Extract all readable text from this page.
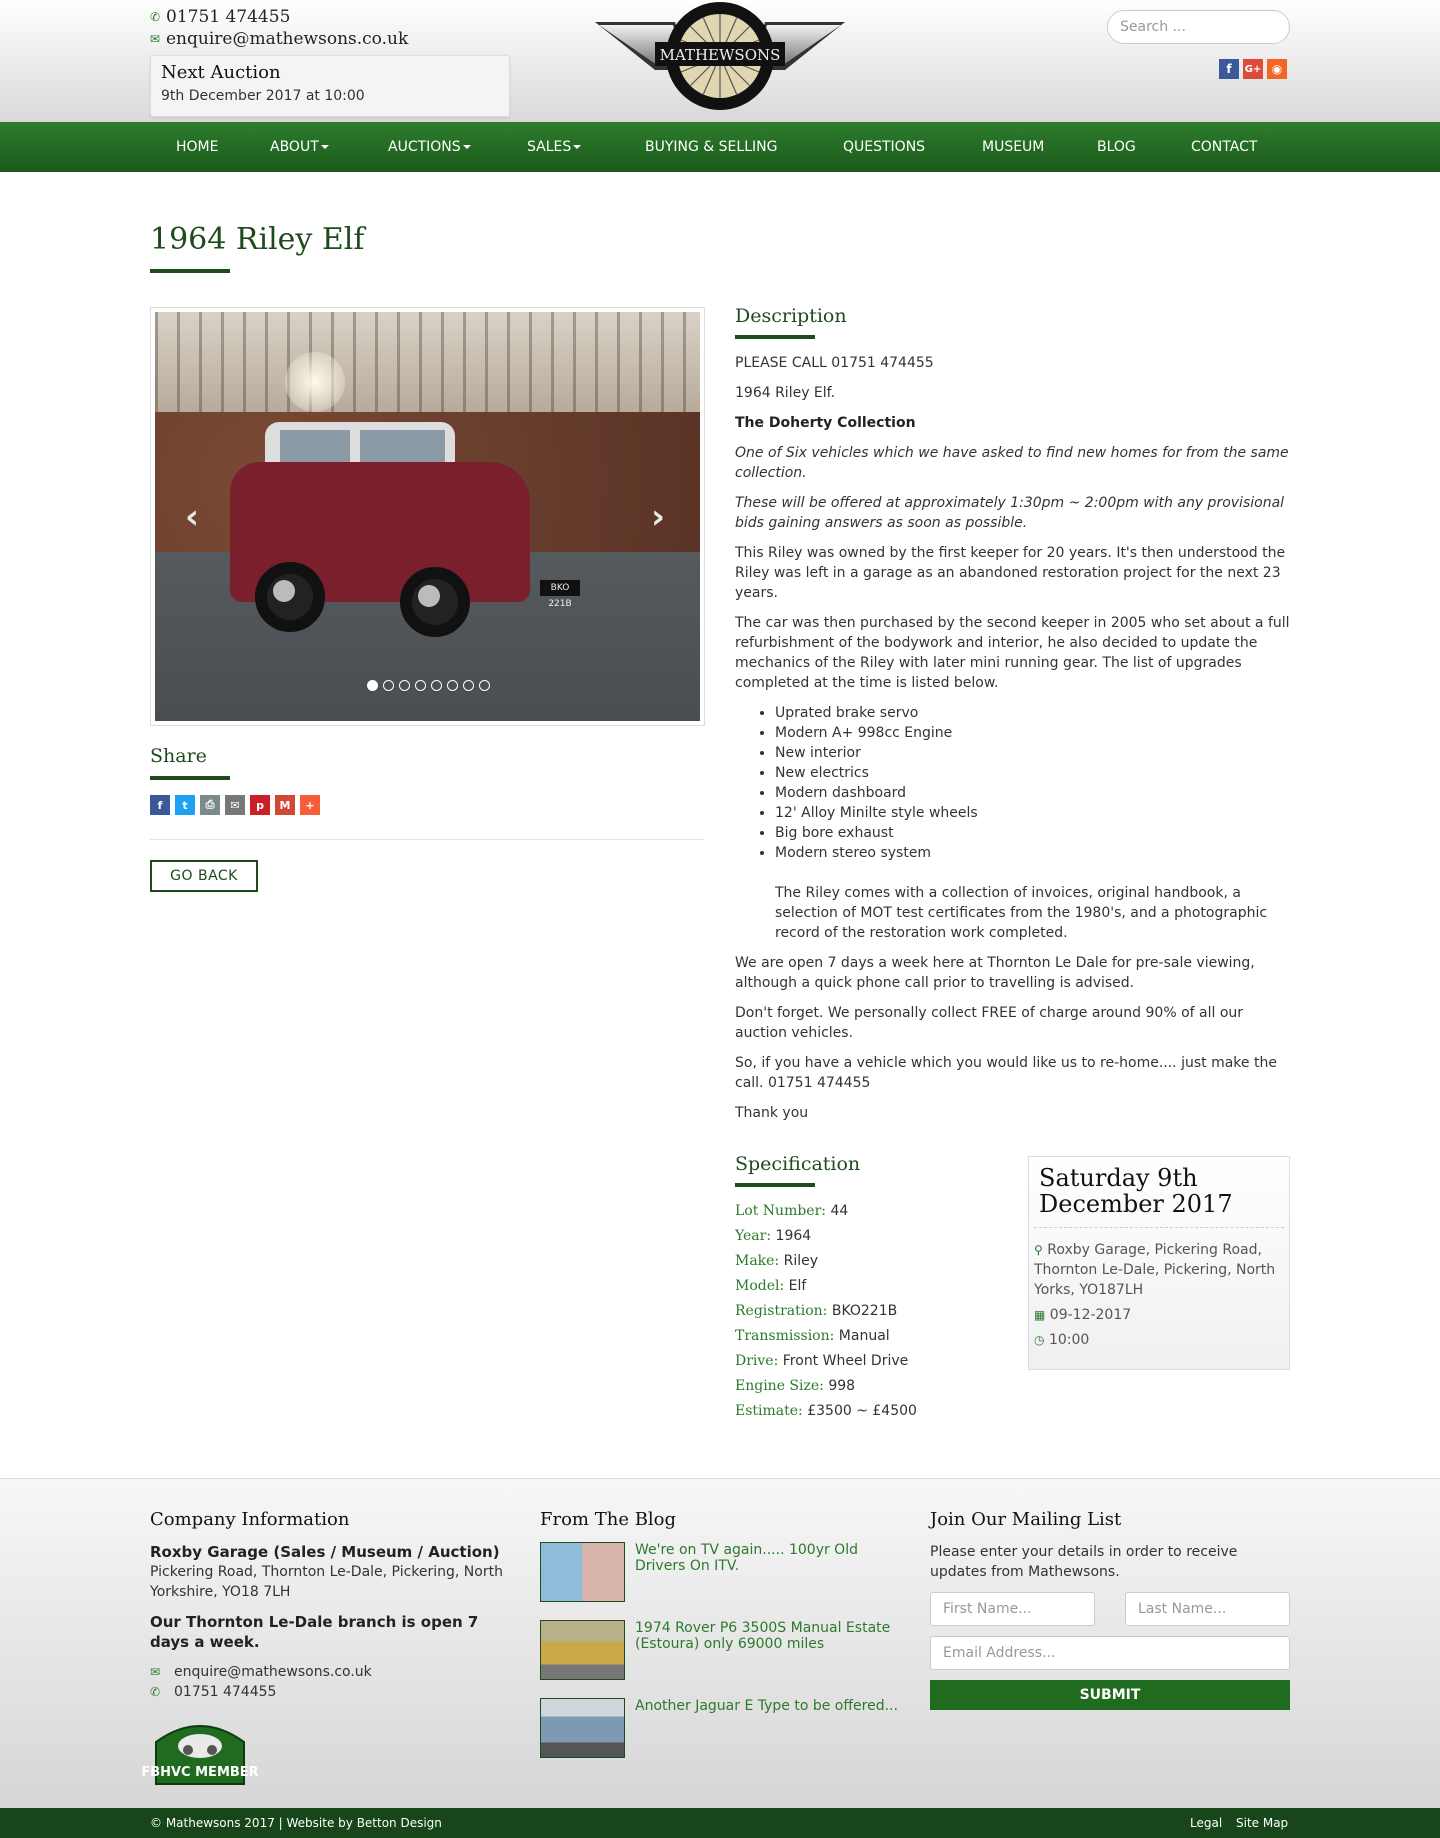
✆ 01751 474455
✉ enquire@mathewsons.co.uk
Next Auction

9th December 2017 at 10:00

MATHEWSONS
Search ...
f	G+ ◉
HOME	ABOUT	AUCTIONS	SALES	BUYING & SELLING	QUESTIONS	MUSEUM	BLOG	CONTACT
1964 Riley Elf
BKO 221B
‹	›
Share
f	t	⎙	✉	p	M	+
GO BACK
Description

PLEASE CALL 01751 474455

1964 Riley Elf.

The Doherty Collection

One of Six vehicles which we have asked to find new homes for from the same collection.

These will be offered at approximately 1:30pm ~ 2:00pm with any provisional bids gaining answers as soon as possible.

This Riley was owned by the first keeper for 20 years. It's then understood the Riley was left in a garage as an abandoned restoration project for the next 23 years.

The car was then purchased by the second keeper in 2005 who set about a full refurbishment of the bodywork and interior, he also decided to update the mechanics of the Riley with later mini running gear. The list of upgrades completed at the time is listed below.

• Uprated brake servo
• Modern A+ 998cc Engine
• New interior
• New electrics
• Modern dashboard
• 12' Alloy Minilte style wheels
• Big bore exhaust
• Modern stereo system

The Riley comes with a collection of invoices, original handbook, a selection of MOT test certificates from the 1980's, and a photographic record of the restoration work completed.

We are open 7 days a week here at Thornton Le Dale for pre-sale viewing, although a quick phone call prior to travelling is advised.

Don't forget. We personally collect FREE of charge around 90% of all our auction vehicles.

So, if you have a vehicle which you would like us to re-home.... just make the call. 01751 474455

Thank you

Specification
Lot Number: 44
Year: 1964
Make: Riley
Model: Elf
Registration: BKO221B
Transmission: Manual
Drive: Front Wheel Drive
Engine Size: 998
Estimate: £3500 ~ £4500
Saturday 9th December 2017
⚲ Roxby Garage, Pickering Road, Thornton Le-Dale, Pickering, North Yorks, YO187LH
▦ 09-12-2017
◷ 10:00
Company Information

Roxby Garage (Sales / Museum / Auction)

Pickering Road, Thornton Le-Dale, Pickering, North Yorkshire, YO18 7LH

Our Thornton Le-Dale branch is open 7 days a week.

✉ enquire@mathewsons.co.uk
✆ 01751 474455
FBHVC MEMBER
From The Blog
We're on TV again..... 100yr Old Drivers On ITV.
1974 Rover P6 3500S Manual Estate (Estoura) only 69000 miles
Another Jaguar E Type to be offered...
Join Our Mailing List

Please enter your details in order to receive updates from Mathewsons.

First Name...	Last Name...
Email Address...
SUBMIT
© Mathewsons 2017 | Website by Betton Design	Legal Site Map
